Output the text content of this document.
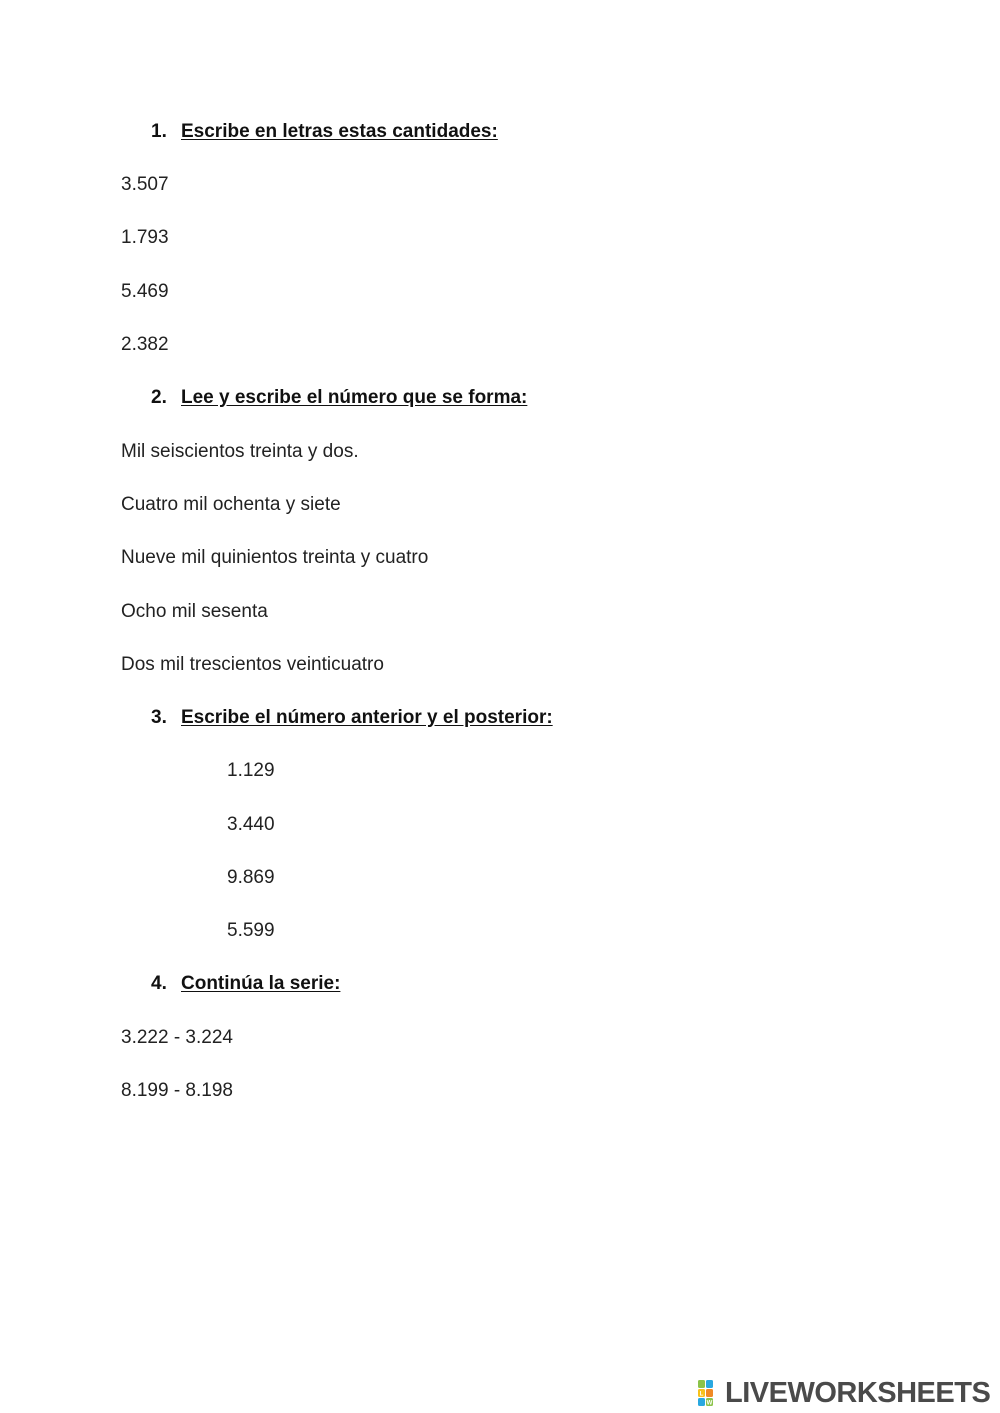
1. Escribe en letras estas cantidades:
3.507
1.793
5.469
2.382
2. Lee y escribe el número que se forma:
Mil seiscientos treinta y dos.
Cuatro mil ochenta y siete
Nueve mil quinientos treinta y cuatro
Ocho mil sesenta
Dos mil trescientos veinticuatro
3. Escribe el número anterior y el posterior:
1.129
3.440
9.869
5.599
4. Continúa la serie:
3.222 - 3.224
8.199 - 8.198
L
W LIVEWORKSHEETS
